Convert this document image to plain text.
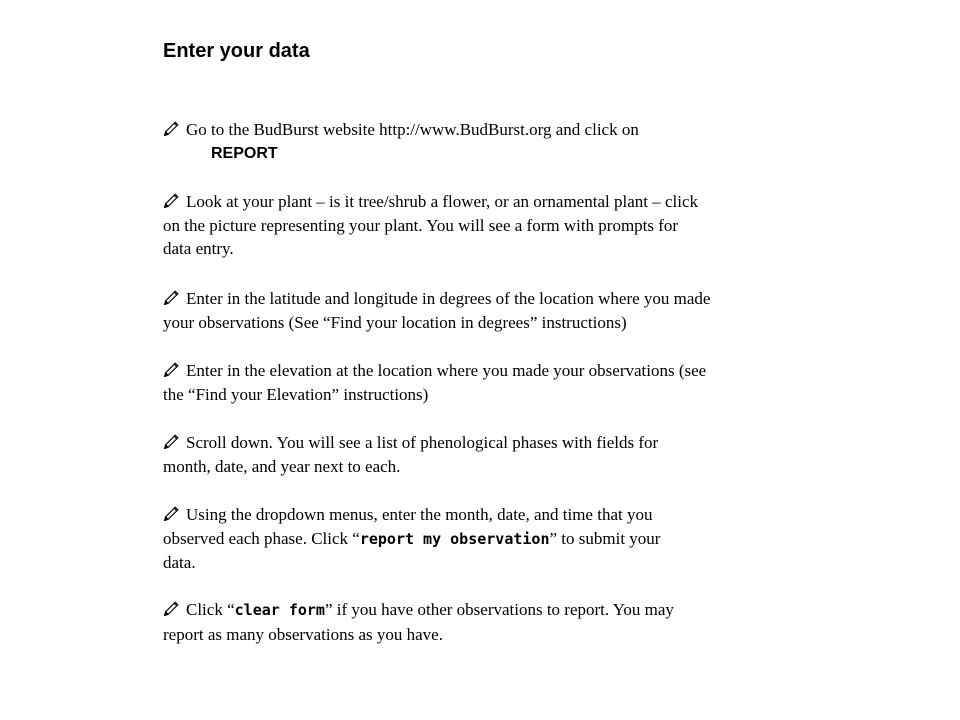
Enter your data

Go to the BudBurst website http://www.BudBurst.org and click on
REPORT

Look at your plant – is it tree/shrub a flower, or an ornamental plant – click
on the picture representing your plant. You will see a form with prompts for
data entry.

Enter in the latitude and longitude in degrees of the location where you made
your observations (See “Find your location in degrees” instructions)

Enter in the elevation at the location where you made your observations (see
the “Find your Elevation” instructions)

Scroll down. You will see a list of phenological phases with fields for
month, date, and year next to each.

Using the dropdown menus, enter the month, date, and time that you
observed each phase. Click “report my observation” to submit your
data.

Click “clear form” if you have other observations to report. You may
report as many observations as you have.
